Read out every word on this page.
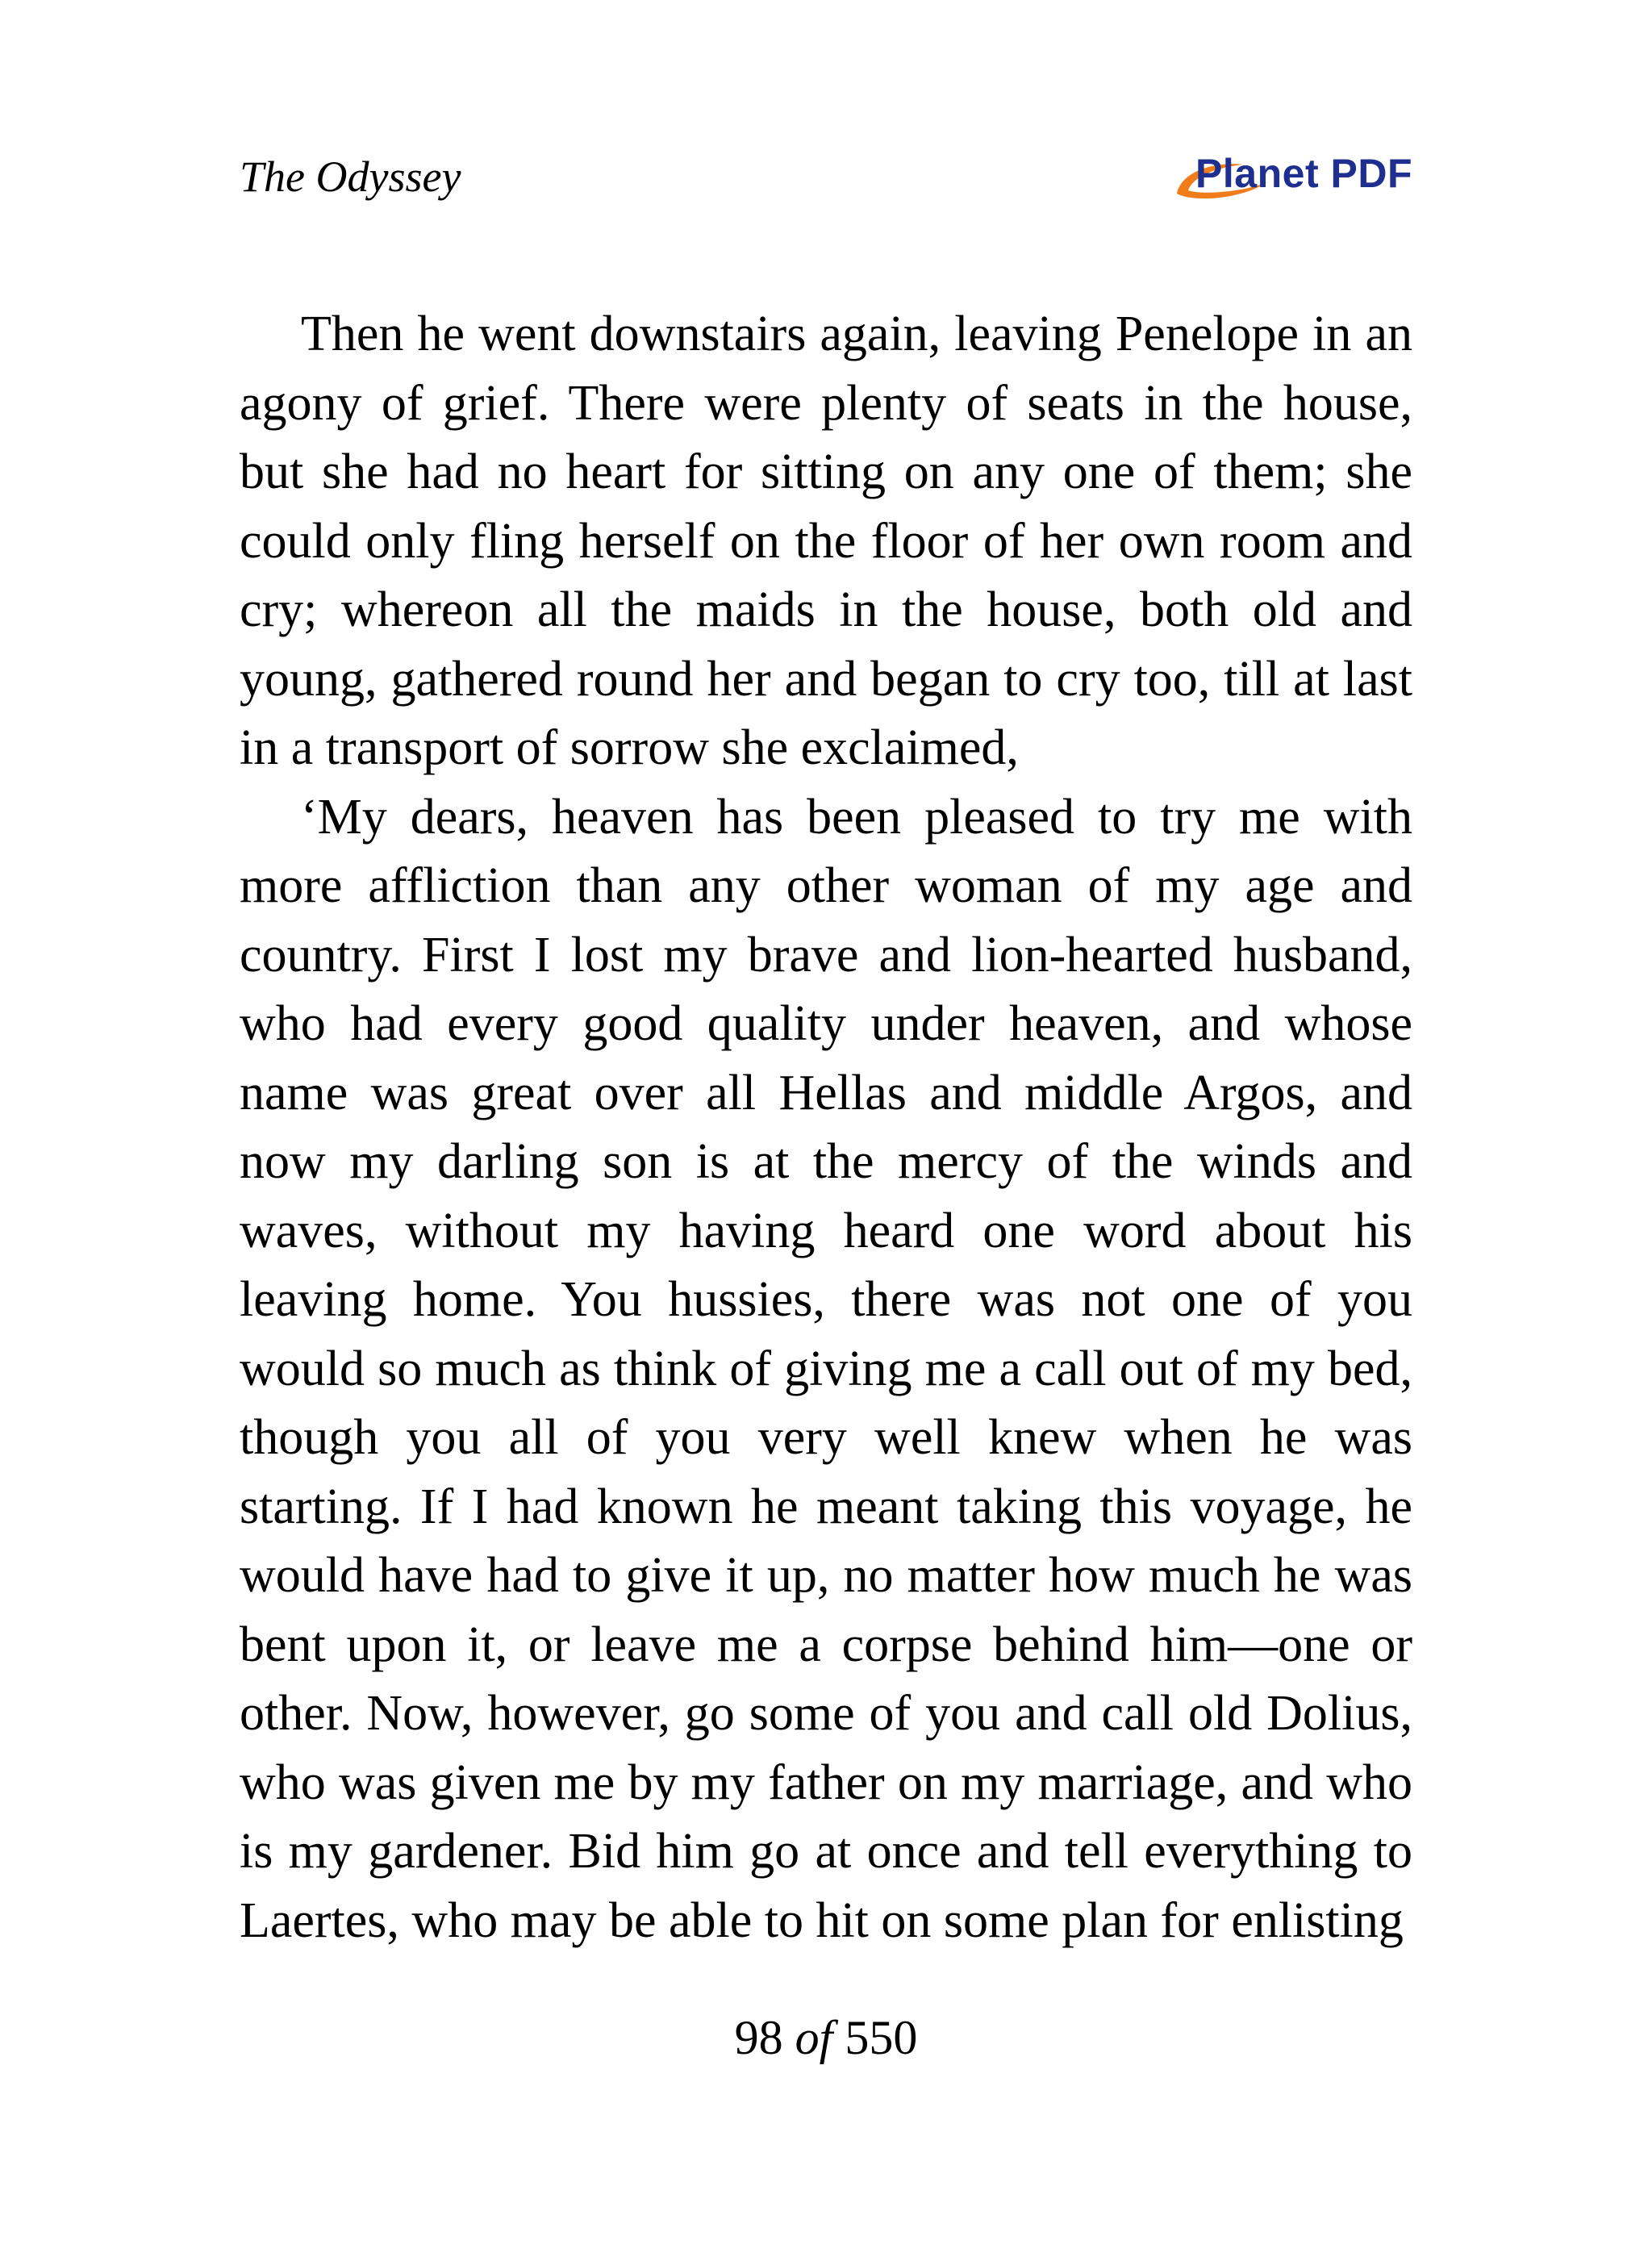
The Odyssey	Planet PDF

Then he went downstairs again, leaving Penelope in an agony of grief. There were plenty of seats in the house, but she had no heart for sitting on any one of them; she could only fling herself on the floor of her own room and cry; whereon all the maids in the house, both old and young, gathered round her and began to cry too, till at last in a transport of sorrow she exclaimed,

‘My dears, heaven has been pleased to try me with more affliction than any other woman of my age and country. First I lost my brave and lion-hearted husband, who had every good quality under heaven, and whose name was great over all Hellas and middle Argos, and now my darling son is at the mercy of the winds and waves, without my having heard one word about his leaving home. You hussies, there was not one of you would so much as think of giving me a call out of my bed, though you all of you very well knew when he was starting. If I had known he meant taking this voyage, he would have had to give it up, no matter how much he was bent upon it, or leave me a corpse behind him—one or other. Now, however, go some of you and call old Dolius, who was given me by my father on my marriage, and who is my gardener. Bid him go at once and tell everything to Laertes, who may be able to hit on some plan for enlisting

98 of 550
